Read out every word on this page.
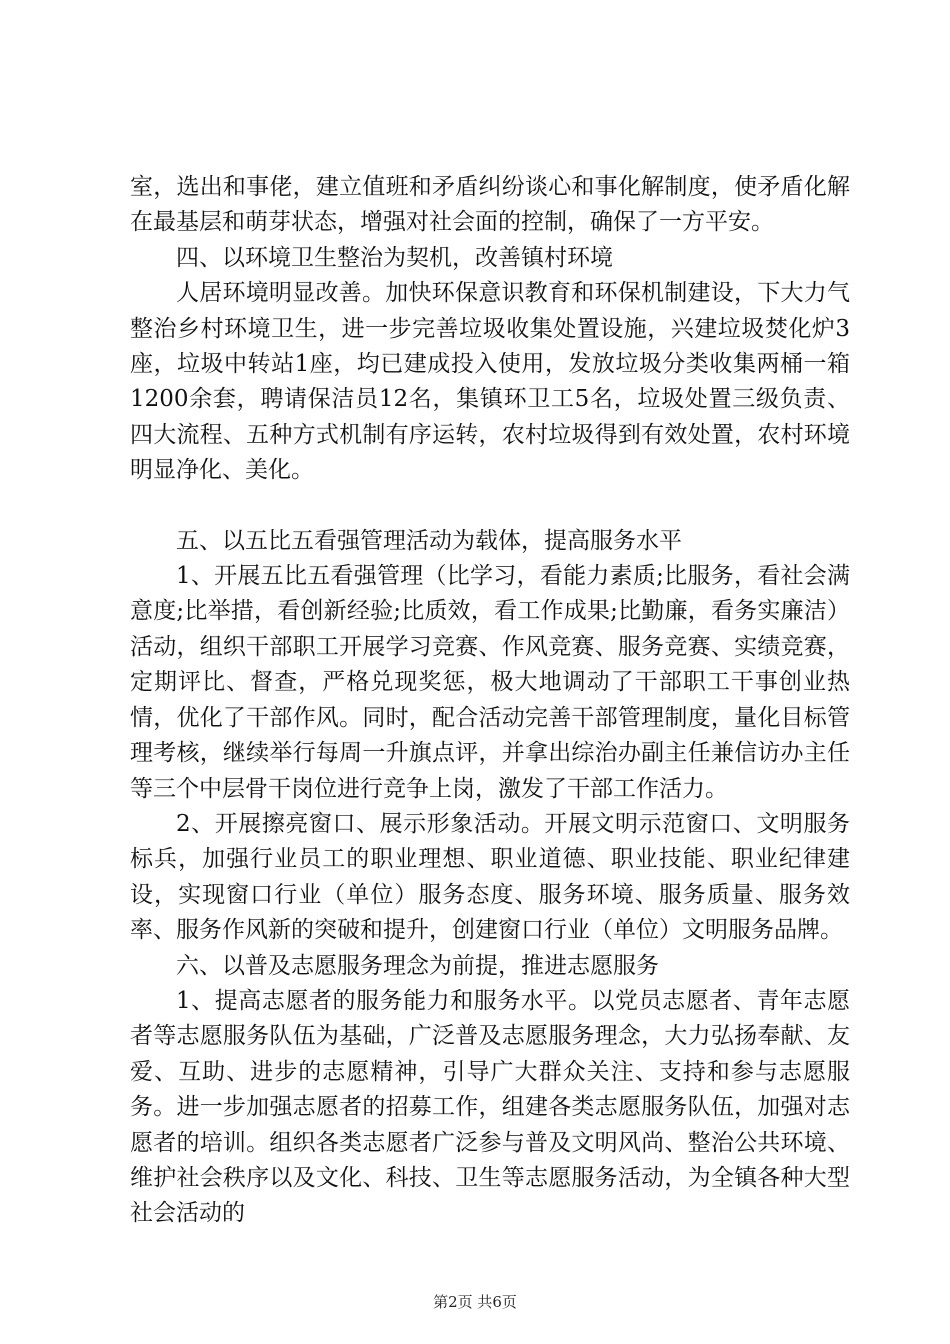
室，选出和事佬，建立值班和矛盾纠纷谈心和事化解制度，使矛盾化解在最基层和萌芽状态，增强对社会面的控制，确保了一方平安。

四、以环境卫生整治为契机，改善镇村环境

人居环境明显改善。加快环保意识教育和环保机制建设，下大力气整治乡村环境卫生，进一步完善垃圾收集处置设施，兴建垃圾焚化炉3座，垃圾中转站1座，均已建成投入使用，发放垃圾分类收集两桶一箱1200余套，聘请保洁员12名，集镇环卫工5名，垃圾处置三级负责、四大流程、五种方式机制有序运转，农村垃圾得到有效处置，农村环境明显净化、美化。

五、以五比五看强管理活动为载体，提高服务水平

1、开展五比五看强管理（比学习，看能力素质;比服务，看社会满意度;比举措，看创新经验;比质效，看工作成果;比勤廉，看务实廉洁）活动，组织干部职工开展学习竞赛、作风竞赛、服务竞赛、实绩竞赛，定期评比、督查，严格兑现奖惩，极大地调动了干部职工干事创业热情，优化了干部作风。同时，配合活动完善干部管理制度，量化目标管理考核，继续举行每周一升旗点评，并拿出综治办副主任兼信访办主任等三个中层骨干岗位进行竞争上岗，激发了干部工作活力。

2、开展擦亮窗口、展示形象活动。开展文明示范窗口、文明服务标兵，加强行业员工的职业理想、职业道德、职业技能、职业纪律建设，实现窗口行业（单位）服务态度、服务环境、服务质量、服务效率、服务作风新的突破和提升，创建窗口行业（单位）文明服务品牌。

六、以普及志愿服务理念为前提，推进志愿服务

1、提高志愿者的服务能力和服务水平。以党员志愿者、青年志愿者等志愿服务队伍为基础，广泛普及志愿服务理念，大力弘扬奉献、友爱、互助、进步的志愿精神，引导广大群众关注、支持和参与志愿服务。进一步加强志愿者的招募工作，组建各类志愿服务队伍，加强对志愿者的培训。组织各类志愿者广泛参与普及文明风尚、整治公共环境、维护社会秩序以及文化、科技、卫生等志愿服务活动，为全镇各种大型社会活动的

第2页 共6页
